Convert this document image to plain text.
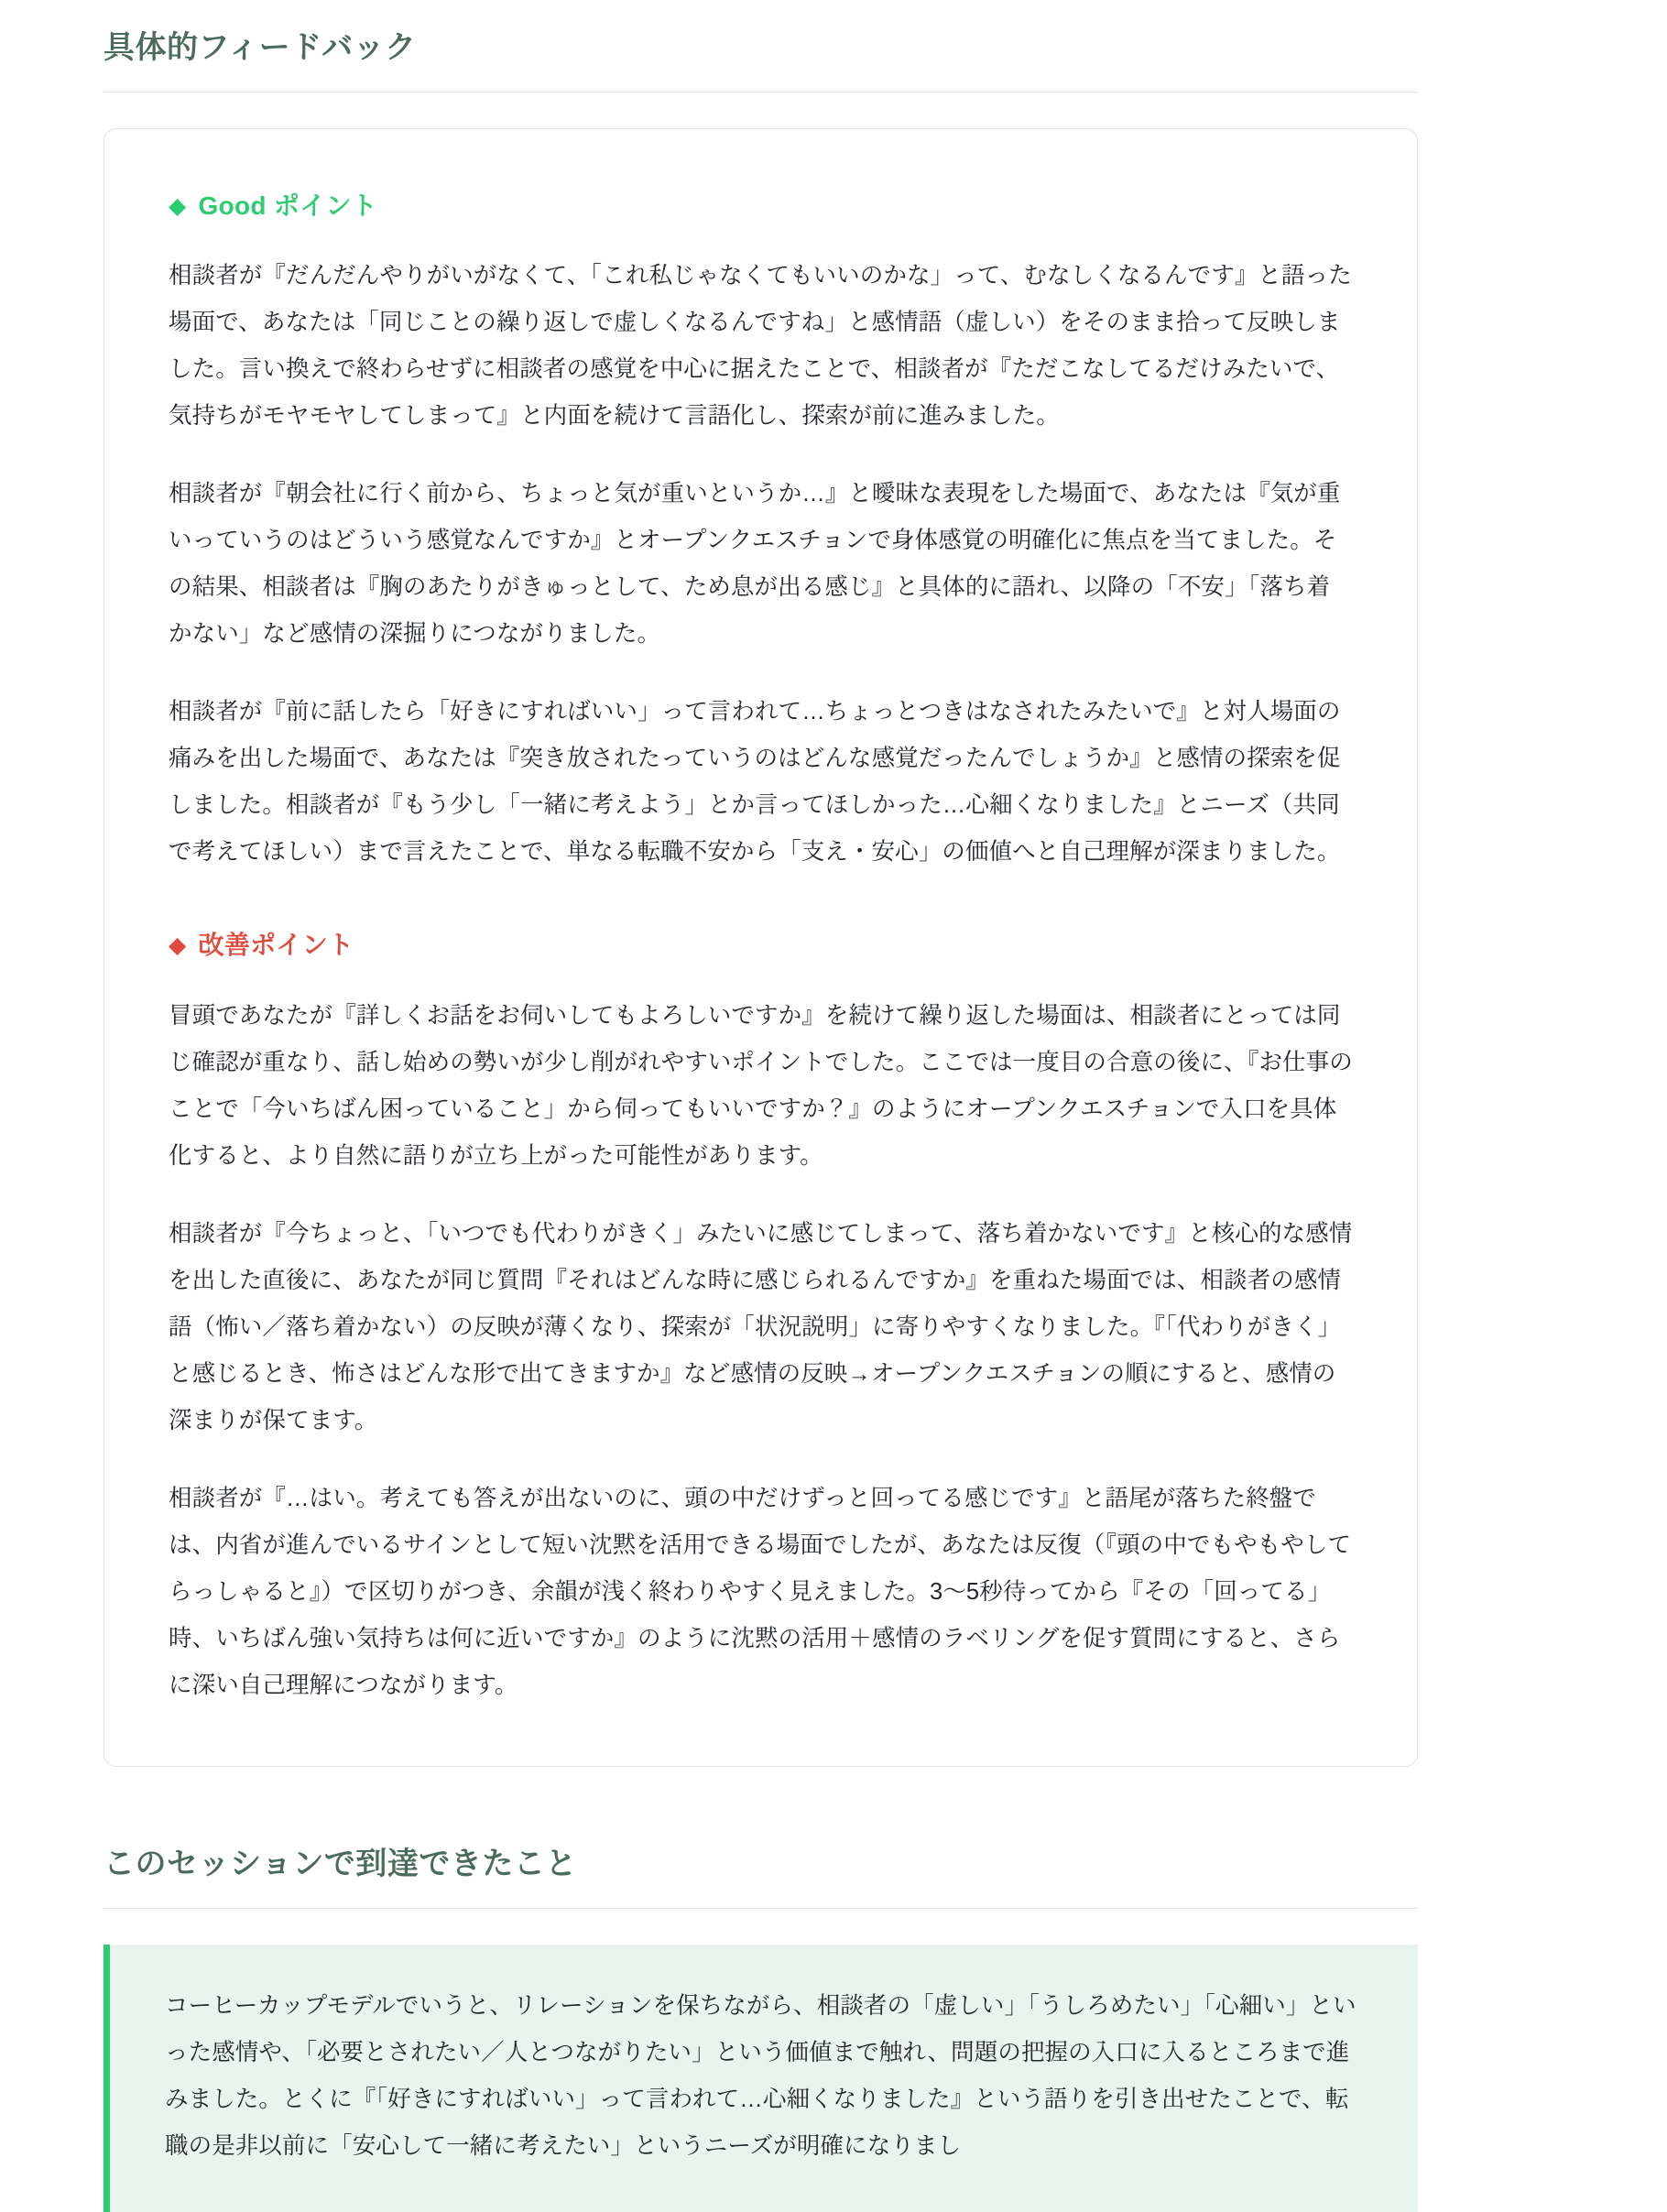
具体的フィードバック
◆ Good ポイント

相談者が『だんだんやりがいがなくて、「これ私じゃなくてもいいのかな」って、むなしくなるんです』と語った場面で、あなたは「同じことの繰り返しで虚しくなるんですね」と感情語（虚しい）をそのまま拾って反映しました。言い換えで終わらせずに相談者の感覚を中心に据えたことで、相談者が『ただこなしてるだけみたいで、気持ちがモヤモヤしてしまって』と内面を続けて言語化し、探索が前に進みました。

相談者が『朝会社に行く前から、ちょっと気が重いというか…』と曖昧な表現をした場面で、あなたは『気が重いっていうのはどういう感覚なんですか』とオープンクエスチョンで身体感覚の明確化に焦点を当てました。その結果、相談者は『胸のあたりがきゅっとして、ため息が出る感じ』と具体的に語れ、以降の「不安」「落ち着かない」など感情の深掘りにつながりました。

相談者が『前に話したら「好きにすればいい」って言われて…ちょっとつきはなされたみたいで』と対人場面の痛みを出した場面で、あなたは『突き放されたっていうのはどんな感覚だったんでしょうか』と感情の探索を促しました。相談者が『もう少し「一緒に考えよう」とか言ってほしかった…心細くなりました』とニーズ（共同で考えてほしい）まで言えたことで、単なる転職不安から「支え・安心」の価値へと自己理解が深まりました。

◆ 改善ポイント

冒頭であなたが『詳しくお話をお伺いしてもよろしいですか』を続けて繰り返した場面は、相談者にとっては同じ確認が重なり、話し始めの勢いが少し削がれやすいポイントでした。ここでは一度目の合意の後に、『お仕事のことで「今いちばん困っていること」から伺ってもいいですか？』のようにオープンクエスチョンで入口を具体化すると、より自然に語りが立ち上がった可能性があります。

相談者が『今ちょっと、「いつでも代わりがきく」みたいに感じてしまって、落ち着かないです』と核心的な感情を出した直後に、あなたが同じ質問『それはどんな時に感じられるんですか』を重ねた場面では、相談者の感情語（怖い／落ち着かない）の反映が薄くなり、探索が「状況説明」に寄りやすくなりました。『「代わりがきく」と感じるとき、怖さはどんな形で出てきますか』など感情の反映→オープンクエスチョンの順にすると、感情の深まりが保てます。

相談者が『…はい。考えても答えが出ないのに、頭の中だけずっと回ってる感じです』と語尾が落ちた終盤では、内省が進んでいるサインとして短い沈黙を活用できる場面でしたが、あなたは反復（『頭の中でもやもやしてらっしゃると』）で区切りがつき、余韻が浅く終わりやすく見えました。3〜5秒待ってから『その「回ってる」時、いちばん強い気持ちは何に近いですか』のように沈黙の活用＋感情のラベリングを促す質問にすると、さらに深い自己理解につながります。

このセッションで到達できたこと

コーヒーカップモデルでいうと、リレーションを保ちながら、相談者の「虚しい」「うしろめたい」「心細い」といった感情や、「必要とされたい／人とつながりたい」という価値まで触れ、問題の把握の入口に入るところまで進みました。とくに『「好きにすればいい」って言われて…心細くなりました』という語りを引き出せたことで、転職の是非以前に「安心して一緒に考えたい」というニーズが明確になりまし
